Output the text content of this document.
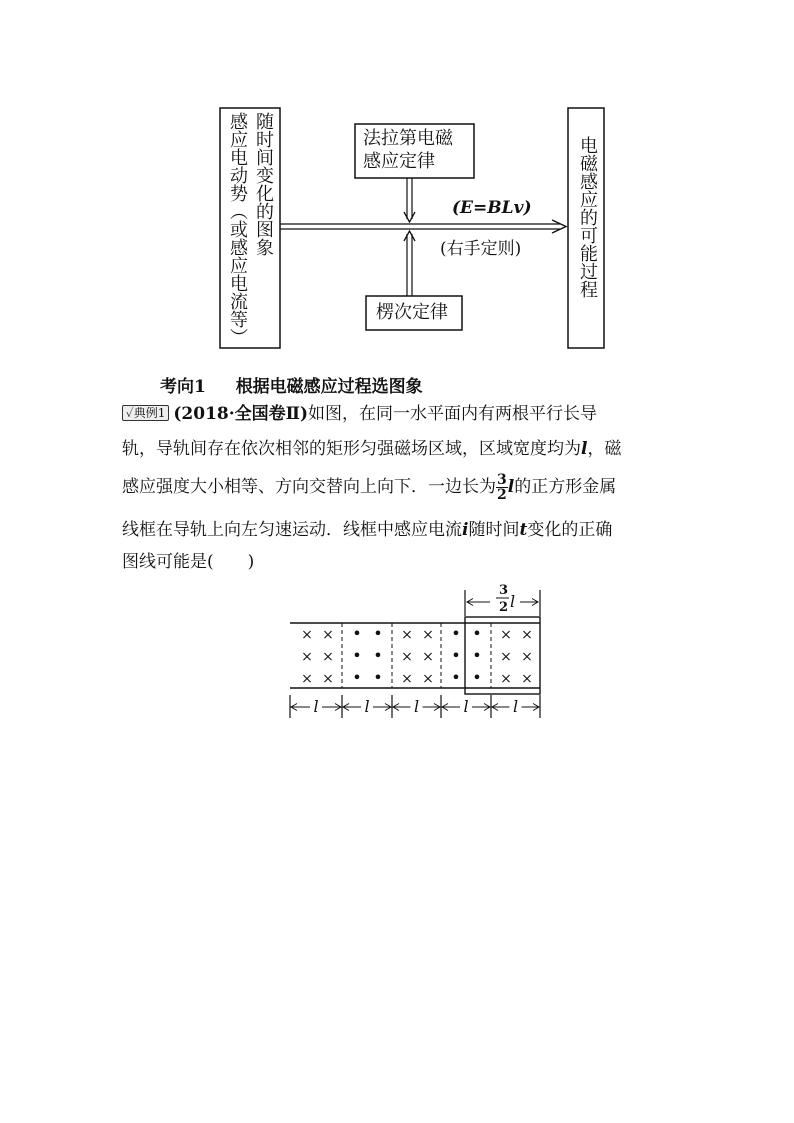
感应电动势（或感应电流等） 随时间变化的图象	电磁感应的可能过程
法拉第电磁
感应定律
楞次定律
(E=BLv)
(右手定则)
考向1 根据电磁感应过程选图象
✓典例1 (2018·全国卷Ⅱ)如图，在同一水平面内有两根平行长导
轨，导轨间存在依次相邻的矩形匀强磁场区域，区域宽度均为l，磁
感应强度大小相等、方向交替向上向下．一边长为 $\frac{3}{2}$ l的正方形金属
线框在导轨上向左匀速运动．线框中感应电流i随时间t变化的正确
图线可能是(　　)
3
2 l
× ×
× ×
× ×
• •
• •
• •
× ×
× ×
× ×
• •
• •
• •
× ×
× ×
× ×
l	l	l	l	l
